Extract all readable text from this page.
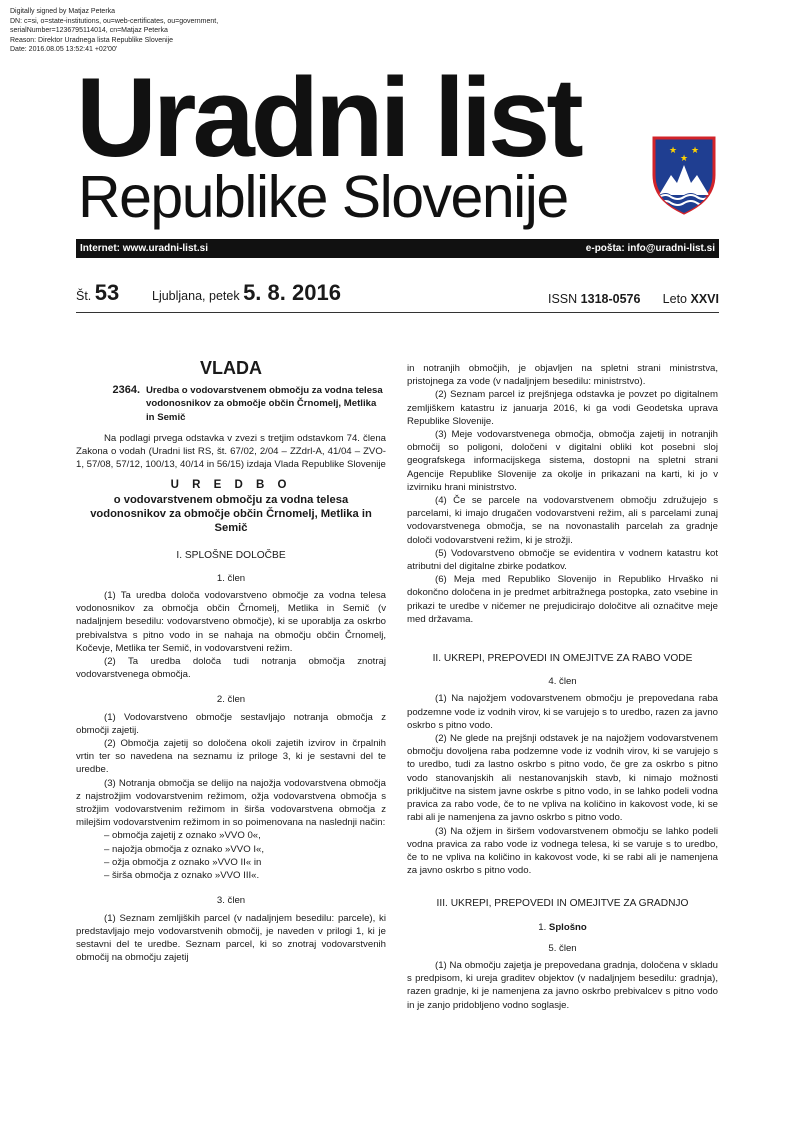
Digitally signed by Matjaz Peterka
DN: c=si, o=state-institutions, ou=web-certificates, ou=government,
serialNumber=1236795114014, cn=Matjaz Peterka
Reason: Direktor Uradnega lista Republike Slovenije
Date: 2016.08.05 13:52:41 +02'00'
Uradni list
Republike Slovenije
★ ★
★
Internet: www.uradni-list.si	e-pošta: info@uradni-list.si
Št. 53	Ljubljana, petek 5. 8. 2016	ISSN 1318-0576 Leto XXVI
VLADA
2364. Uredba o vodovarstvenem območju za vodna telesa vodonosnikov za območje občin Črnomelj, Metlika in Semič

Na podlagi prvega odstavka v zvezi s tretjim odstavkom 74. člena Zakona o vodah (Uradni list RS, št. 67/02, 2/04 – ZZdrl-A, 41/04 – ZVO-1, 57/08, 57/12, 100/13, 40/14 in 56/15) izdaja Vlada Republike Slovenije

U R E D B O
o vodovarstvenem območju za vodna telesa vodonosnikov za območje občin Črnomelj, Metlika in Semič
I. SPLOŠNE DOLOČBE
1. člen

(1) Ta uredba določa vodovarstveno območje za vodna telesa vodonosnikov za območja občin Črnomelj, Metlika in Semič (v nadaljnjem besedilu: vodovarstveno območje), ki se uporablja za oskrbo prebivalstva s pitno vodo in se nahaja na območju občin Črnomelj, Kočevje, Metlika ter Semič, in vodovarstveni režim.

(2) Ta uredba določa tudi notranja območja znotraj vodovarstvenega območja.

2. člen

(1) Vodovarstveno območje sestavljajo notranja območja z območji zajetij.

(2) Območja zajetij so določena okoli zajetih izvirov in črpalnih vrtin ter so navedena na seznamu iz priloge 3, ki je sestavni del te uredbe.

(3) Notranja območja se delijo na najožja vodovarstvena območja z najstrožjim vodovarstvenim režimom, ožja vodovarstvena območja s strožjim vodovarstvenim režimom in širša vodovarstvena območja z milejšim vodovarstvenim režimom in so poimenovana na naslednji način:

– območja zajetij z oznako »VVO 0«,
– najožja območja z oznako »VVO I«,
– ožja območja z oznako »VVO II« in
– širša območja z oznako »VVO III«.
3. člen

(1) Seznam zemljiških parcel (v nadaljnjem besedilu: parcele), ki predstavljajo mejo vodovarstvenih območij, je naveden v prilogi 1, ki je sestavni del te uredbe. Seznam parcel, ki so znotraj vodovarstvenih območij na območju zajetij

in notranjih območjih, je objavljen na spletni strani ministrstva, pristojnega za vode (v nadaljnjem besedilu: ministrstvo).

(2) Seznam parcel iz prejšnjega odstavka je povzet po digitalnem zemljiškem katastru iz januarja 2016, ki ga vodi Geodetska uprava Republike Slovenije.

(3) Meje vodovarstvenega območja, območja zajetij in notranjih območij so poligoni, določeni v digitalni obliki kot posebni sloj geografskega informacijskega sistema, dostopni na spletni strani Agencije Republike Slovenije za okolje in prikazani na karti, ki jo v izvirniku hrani ministrstvo.

(4) Če se parcele na vodovarstvenem območju združujejo s parcelami, ki imajo drugačen vodovarstveni režim, ali s parcelami zunaj vodovarstvenega območja, se na novonastalih parcelah za gradnje določi vodovarstveni režim, ki je strožji.

(5) Vodovarstveno območje se evidentira v vodnem katastru kot atributni del digitalne zbirke podatkov.

(6) Meja med Republiko Slovenijo in Republiko Hrvaško ni dokončno določena in je predmet arbitražnega postopka, zato vsebine in prikazi te uredbe v ničemer ne prejudicirajo določitve ali označitve meje med državama.

II. UKREPI, PREPOVEDI IN OMEJITVE ZA RABO VODE
4. člen

(1) Na najožjem vodovarstvenem območju je prepovedana raba podzemne vode iz vodnih virov, ki se varujejo s to uredbo, razen za javno oskrbo s pitno vodo.

(2) Ne glede na prejšnji odstavek je na najožjem vodovarstvenem območju dovoljena raba podzemne vode iz vodnih virov, ki se varujejo s to uredbo, tudi za lastno oskrbo s pitno vodo, če gre za oskrbo s pitno vodo stanovanjskih ali nestanovanjskih stavb, ki nimajo možnosti priključitve na sistem javne oskrbe s pitno vodo, in se lahko podeli vodna pravica za rabo vode, če to ne vpliva na količino in kakovost vode, ki se rabi ali je namenjena za javno oskrbo s pitno vodo.

(3) Na ožjem in širšem vodovarstvenem območju se lahko podeli vodna pravica za rabo vode iz vodnega telesa, ki se varuje s to uredbo, če to ne vpliva na količino in kakovost vode, ki se rabi ali je namenjena za javno oskrbo s pitno vodo.

III. UKREPI, PREPOVEDI IN OMEJITVE ZA GRADNJO
1. Splošno
5. člen

(1) Na območju zajetja je prepovedana gradnja, določena v skladu s predpisom, ki ureja graditev objektov (v nadaljnjem besedilu: gradnja), razen gradnje, ki je namenjena za javno oskrbo prebivalcev s pitno vodo in je zanjo pridobljeno vodno soglasje.
